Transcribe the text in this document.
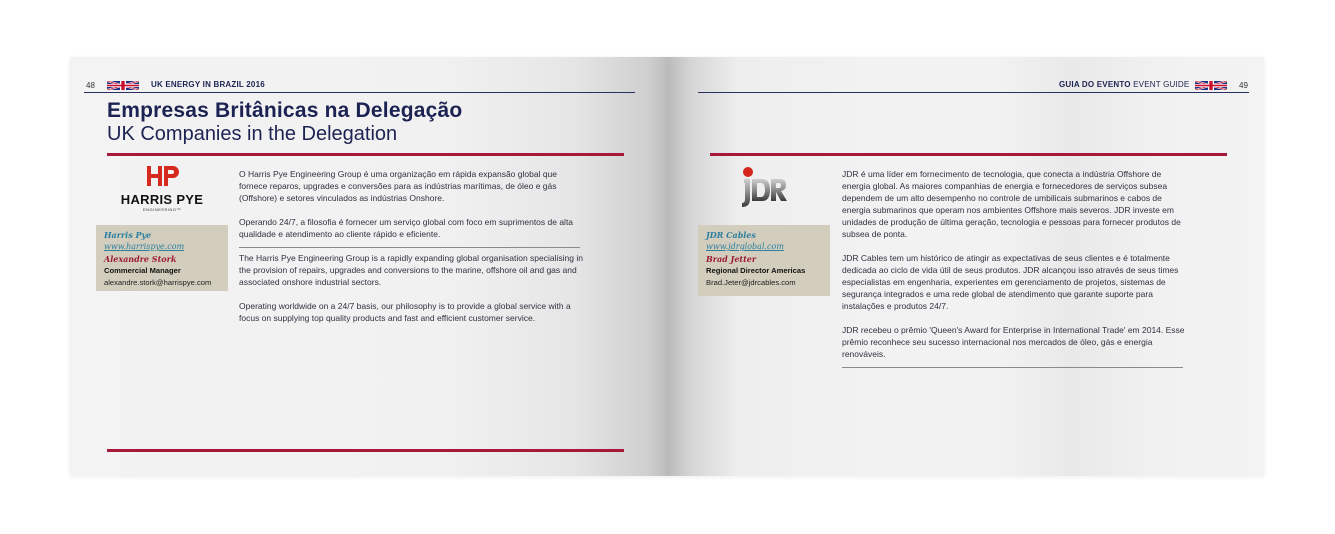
48	UK ENERGY IN BRAZIL 2016
Empresas Britânicas na Delegação
UK Companies in the Delegation
HARRIS PYE
ENGINEERING™
Harris Pye
www.harrispye.com
Alexandre Stork
Commercial Manager
alexandre.stork@harrispye.com

O Harris Pye Engineering Group é uma organização em rápida expansão global que fornece reparos, upgrades e conversões para as indústrias marítimas, de óleo e gás (Offshore) e setores vinculados as indústrias Onshore.

Operando 24/7, a filosofia é fornecer um serviço global com foco em suprimentos de alta qualidade e atendimento ao cliente rápido e eficiente.

The Harris Pye Engineering Group is a rapidly expanding global organisation specialising in the provision of repairs, upgrades and conversions to the marine, offshore oil and gas and associated onshore industrial sectors.

Operating worldwide on a 24/7 basis, our philosophy is to provide a global service with a focus on supplying top quality products and fast and efficient customer service.

GUIA DO EVENTO EVENT GUIDE	49
JDR Cables
www.jdrglobal.com
Brad Jetter
Regional Director Americas
Brad.Jeter@jdrcables.com

JDR é uma líder em fornecimento de tecnologia, que conecta a indústria Offshore de energia global. As maiores companhias de energia e fornecedores de serviços subsea dependem de um alto desempenho no controle de umbilicais submarinos e cabos de energia submarinos que operam nos ambientes Offshore mais severos. JDR investe em unidades de produção de última geração, tecnologia e pessoas para fornecer produtos de subsea de ponta.

JDR Cables tem um histórico de atingir as expectativas de seus clientes e é totalmente dedicada ao ciclo de vida útil de seus produtos. JDR alcançou isso através de seus times especialistas em engenharia, experientes em gerenciamento de projetos, sistemas de segurança integrados e uma rede global de atendimento que garante suporte para instalações e produtos 24/7.

JDR recebeu o prêmio 'Queen's Award for Enterprise in International Trade' em 2014. Esse prêmio reconhece seu sucesso internacional nos mercados de óleo, gás e energia renováveis.
